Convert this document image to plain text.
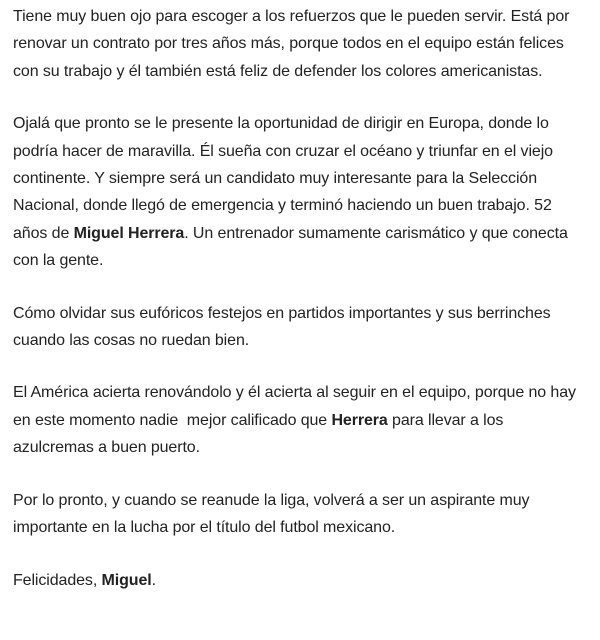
Tiene muy buen ojo para escoger a los refuerzos que le pueden servir. Está por renovar un contrato por tres años más, porque todos en el equipo están felices con su trabajo y él también está feliz de defender los colores americanistas.

Ojalá que pronto se le presente la oportunidad de dirigir en Europa, donde lo podría hacer de maravilla. Él sueña con cruzar el océano y triunfar en el viejo continente. Y siempre será un candidato muy interesante para la Selección Nacional, donde llegó de emergencia y terminó haciendo un buen trabajo. 52 años de Miguel Herrera. Un entrenador sumamente carismático y que conecta con la gente.

Cómo olvidar sus eufóricos festejos en partidos importantes y sus berrinches cuando las cosas no ruedan bien.

El América acierta renovándolo y él acierta al seguir en el equipo, porque no hay en este momento nadie  mejor calificado que Herrera para llevar a los azulcremas a buen puerto.

Por lo pronto, y cuando se reanude la liga, volverá a ser un aspirante muy importante en la lucha por el título del futbol mexicano.

Felicidades, Miguel.
